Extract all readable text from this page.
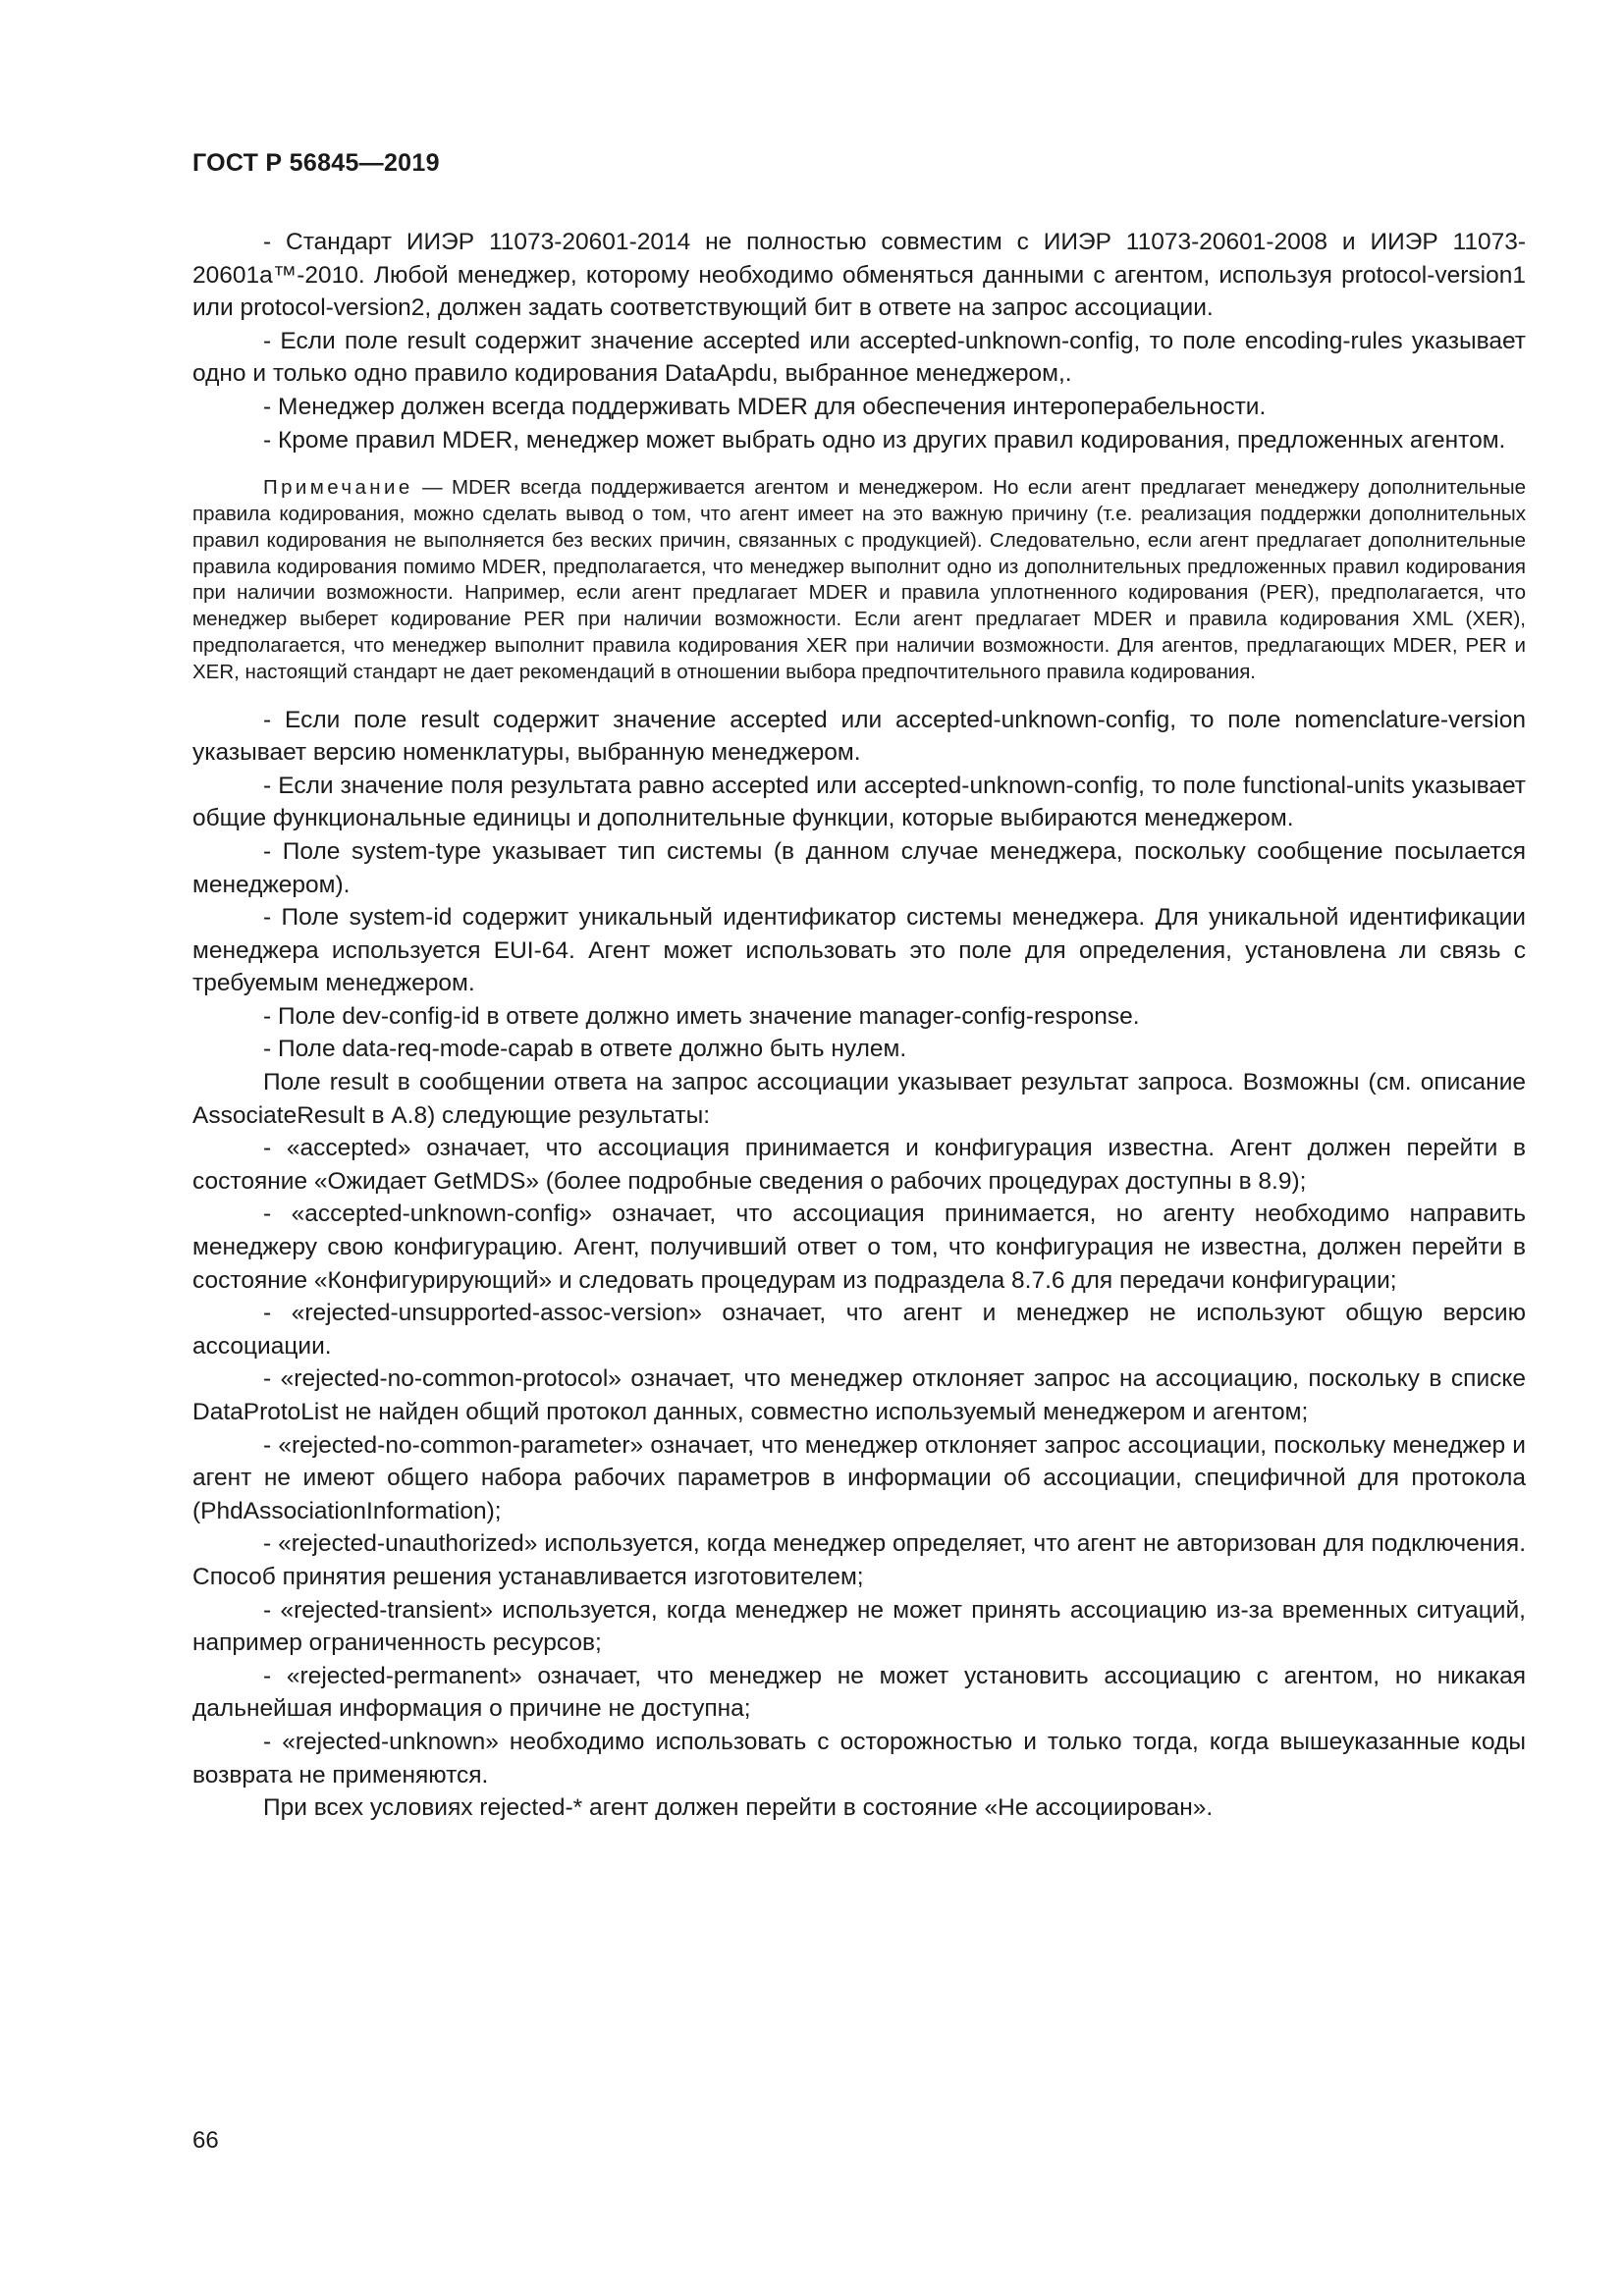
ГОСТ Р 56845—2019

- Стандарт ИИЭР 11073-20601-2014 не полностью совместим с ИИЭР 11073-20601-2008 и ИИЭР 11073-20601a™-2010. Любой менеджер, которому необходимо обменяться данными с агентом, используя protocol-version1 или protocol-version2, должен задать соответствующий бит в ответе на запрос ассоциации.

- Если поле result содержит значение accepted или accepted-unknown-config, то поле encoding-rules указывает одно и только одно правило кодирования DataApdu, выбранное менеджером,.

- Менеджер должен всегда поддерживать MDER для обеспечения интероперабельности.

- Кроме правил MDER, менеджер может выбрать одно из других правил кодирования, предложенных агентом.

Примечание — MDER всегда поддерживается агентом и менеджером. Но если агент предлагает менеджеру дополнительные правила кодирования, можно сделать вывод о том, что агент имеет на это важную причину (т.е. реализация поддержки дополнительных правил кодирования не выполняется без веских причин, связанных с продукцией). Следовательно, если агент предлагает дополнительные правила кодирования помимо MDER, предполагается, что менеджер выполнит одно из дополнительных предложенных правил кодирования при наличии возможности. Например, если агент предлагает MDER и правила уплотненного кодирования (PER), предполагается, что менеджер выберет кодирование PER при наличии возможности. Если агент предлагает MDER и правила кодирования XML (XER), предполагается, что менеджер выполнит правила кодирования XER при наличии возможности. Для агентов, предлагающих MDER, PER и XER, настоящий стандарт не дает рекомендаций в отношении выбора предпочтительного правила кодирования.

- Если поле result содержит значение accepted или accepted-unknown-config, то поле nomenclature-version указывает версию номенклатуры, выбранную менеджером.

- Если значение поля результата равно accepted или accepted-unknown-config, то поле functional-units указывает общие функциональные единицы и дополнительные функции, которые выбираются менеджером.

- Поле system-type указывает тип системы (в данном случае менеджера, поскольку сообщение посылается менеджером).

- Поле system-id содержит уникальный идентификатор системы менеджера. Для уникальной идентификации менеджера используется EUI-64. Агент может использовать это поле для определения, установлена ли связь с требуемым менеджером.

- Поле dev-config-id в ответе должно иметь значение manager-config-response.

- Поле data-req-mode-capab в ответе должно быть нулем.

Поле result в сообщении ответа на запрос ассоциации указывает результат запроса. Возможны (см. описание AssociateResult в А.8) следующие результаты:

- «accepted» означает, что ассоциация принимается и конфигурация известна. Агент должен перейти в состояние «Ожидает GetMDS» (более подробные сведения о рабочих процедурах доступны в 8.9);

- «accepted-unknown-config» означает, что ассоциация принимается, но агенту необходимо направить менеджеру свою конфигурацию. Агент, получивший ответ о том, что конфигурация не известна, должен перейти в состояние «Конфигурирующий» и следовать процедурам из подраздела 8.7.6 для передачи конфигурации;

- «rejected-unsupported-assoc-version» означает, что агент и менеджер не используют общую версию ассоциации.

- «rejected-no-common-protocol» означает, что менеджер отклоняет запрос на ассоциацию, поскольку в списке DataProtoList не найден общий протокол данных, совместно используемый менеджером и агентом;

- «rejected-no-common-parameter» означает, что менеджер отклоняет запрос ассоциации, поскольку менеджер и агент не имеют общего набора рабочих параметров в информации об ассоциации, специфичной для протокола (PhdAssociationInformation);

- «rejected-unauthorized» используется, когда менеджер определяет, что агент не авторизован для подключения. Способ принятия решения устанавливается изготовителем;

- «rejected-transient» используется, когда менеджер не может принять ассоциацию из-за временных ситуаций, например ограниченность ресурсов;

- «rejected-permanent» означает, что менеджер не может установить ассоциацию с агентом, но никакая дальнейшая информация о причине не доступна;

- «rejected-unknown» необходимо использовать с осторожностью и только тогда, когда вышеуказанные коды возврата не применяются.

При всех условиях rejected-* агент должен перейти в состояние «Не ассоциирован».

66
